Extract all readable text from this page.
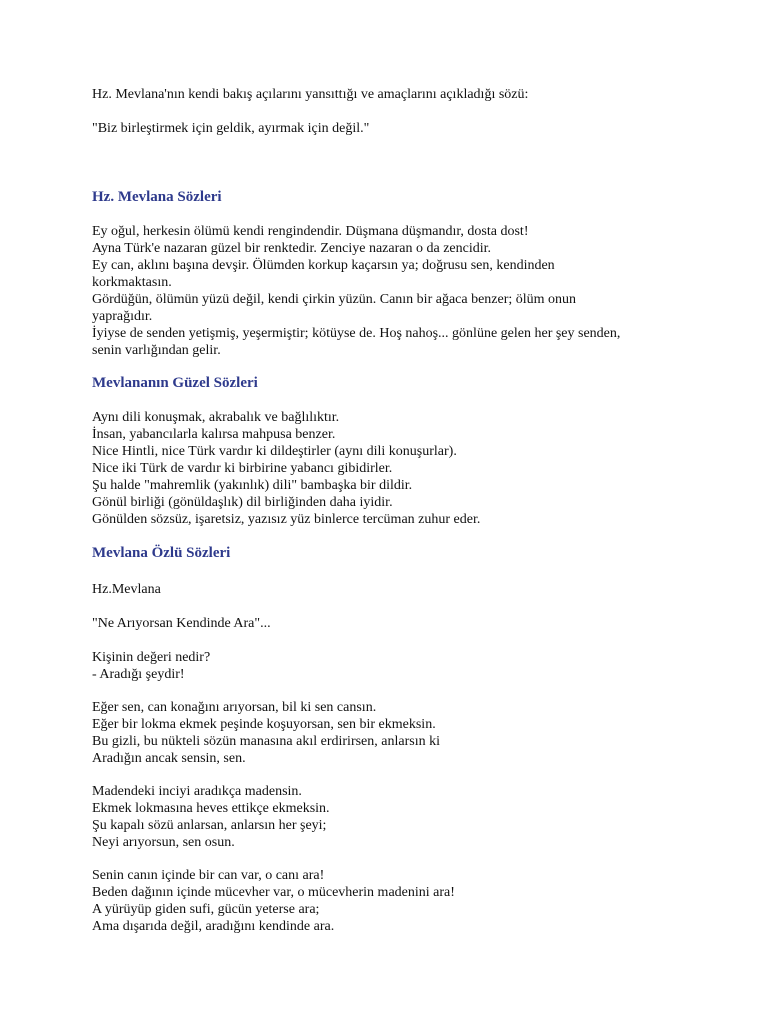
Hz. Mevlana'nın kendi bakış açılarını yansıttığı ve amaçlarını açıkladığı sözü:

"Biz birleştirmek için geldik, ayırmak için değil."

Hz. Mevlana Sözleri

Ey oğul, herkesin ölümü kendi rengindendir. Düşmana düşmandır, dosta dost!

Ayna Türk'e nazaran güzel bir renktedir. Zenciye nazaran o da zencidir.

Ey can, aklını başına devşir. Ölümden korkup kaçarsın ya; doğrusu sen, kendinden

korkmaktasın.

Gördüğün, ölümün yüzü değil, kendi çirkin yüzün. Canın bir ağaca benzer; ölüm onun

yaprağıdır.

İyiyse de senden yetişmiş, yeşermiştir; kötüyse de. Hoş nahoş... gönlüne gelen her şey senden,

senin varlığından gelir.

Mevlananın Güzel Sözleri

Aynı dili konuşmak, akrabalık ve bağlılıktır.

İnsan, yabancılarla kalırsa mahpusa benzer.

Nice Hintli, nice Türk vardır ki dildeştirler (aynı dili konuşurlar).

Nice iki Türk de vardır ki birbirine yabancı gibidirler.

Şu halde "mahremlik (yakınlık) dili" bambaşka bir dildir.

Gönül birliği (gönüldaşlık) dil birliğinden daha iyidir.

Gönülden sözsüz, işaretsiz, yazısız yüz binlerce tercüman zuhur eder.

Mevlana Özlü Sözleri

Hz.Mevlana

"Ne Arıyorsan Kendinde Ara"...

Kişinin değeri nedir?

- Aradığı şeydir!

Eğer sen, can konağını arıyorsan, bil ki sen cansın.

Eğer bir lokma ekmek peşinde koşuyorsan, sen bir ekmeksin.

Bu gizli, bu nükteli sözün manasına akıl erdirirsen, anlarsın ki

Aradığın ancak sensin, sen.

Madendeki inciyi aradıkça madensin.

Ekmek lokmasına heves ettikçe ekmeksin.

Şu kapalı sözü anlarsan, anlarsın her şeyi;

Neyi arıyorsun, sen osun.

Senin canın içinde bir can var, o canı ara!

Beden dağının içinde mücevher var, o mücevherin madenini ara!

A yürüyüp giden sufi, gücün yeterse ara;

Ama dışarıda değil, aradığını kendinde ara.
